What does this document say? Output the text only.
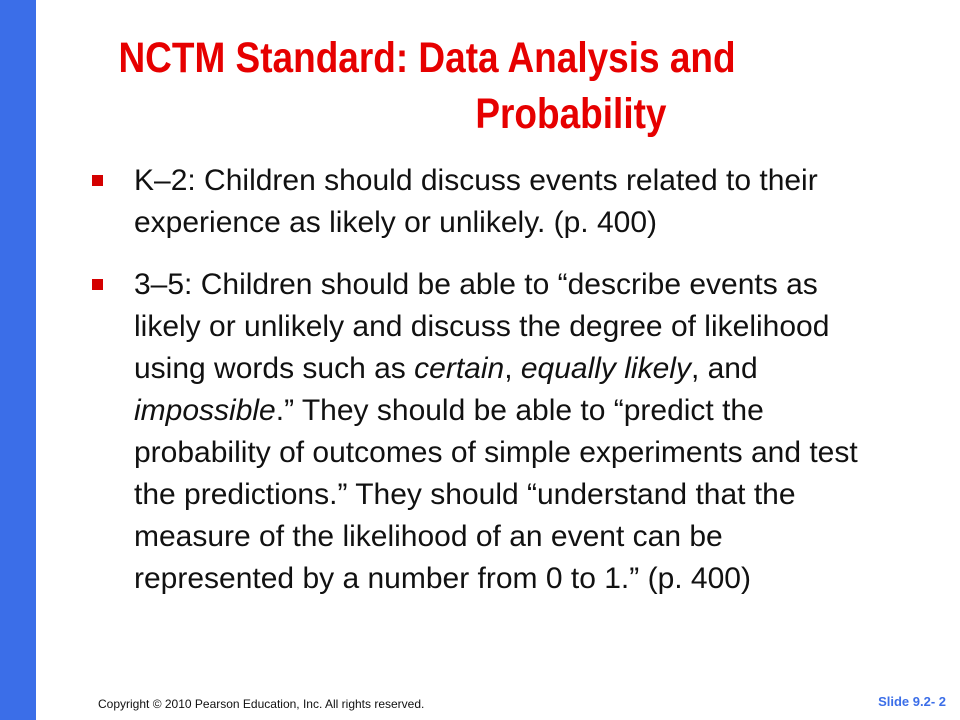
NCTM Standard: Data Analysis and
Probability
K–2: Children should discuss events related to their experience as likely or unlikely. (p. 400)
3–5: Children should be able to “describe events as likely or unlikely and discuss the degree of likelihood using words such as certain, equally likely, and impossible.” They should be able to “predict the probability of outcomes of simple experiments and test the predictions.” They should “understand that the measure of the likelihood of an event can be represented by a number from 0 to 1.” (p. 400)
Copyright © 2010 Pearson Education, Inc. All rights reserved.	Slide 9.2- 2
